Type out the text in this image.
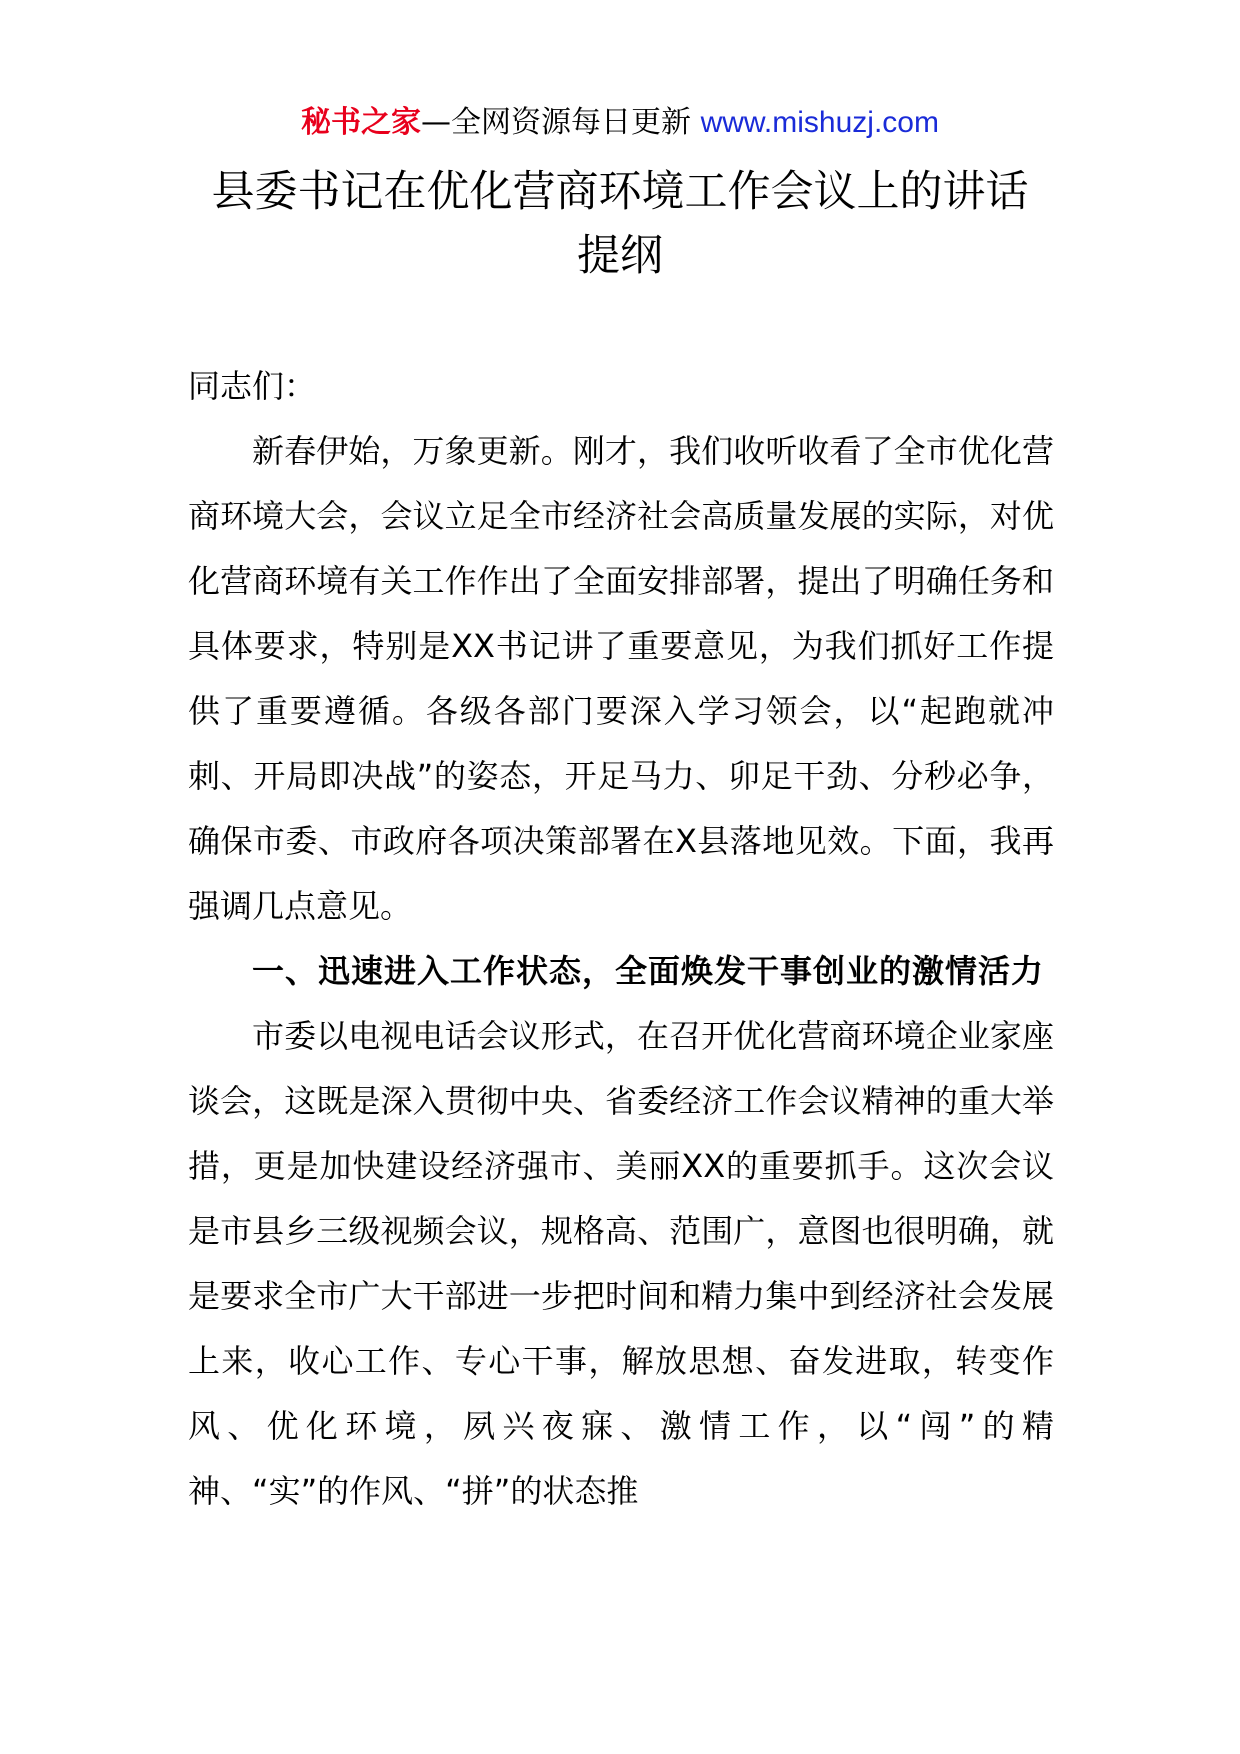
秘书之家—全网资源每日更新 www.mishuzj.com
县委书记在优化营商环境工作会议上的讲话
提纲

同志们：

新春伊始，万象更新。刚才，我们收听收看了全市优化营商环境大会，会议立足全市经济社会高质量发展的实际，对优化营商环境有关工作作出了全面安排部署，提出了明确任务和具体要求，特别是XX书记讲了重要意见，为我们抓好工作提供了重要遵循。各级各部门要深入学习领会，以“起跑就冲刺、开局即决战”的姿态，开足马力、卯足干劲、分秒必争，确保市委、市政府各项决策部署在X县落地见效。下面，我再强调几点意见。

一、迅速进入工作状态，全面焕发干事创业的激情活力

市委以电视电话会议形式，在召开优化营商环境企业家座谈会，这既是深入贯彻中央、省委经济工作会议精神的重大举措，更是加快建设经济强市、美丽XX的重要抓手。这次会议是市县乡三级视频会议，规格高、范围广，意图也很明确，就是要求全市广大干部进一步把时间和精力集中到经济社会发展上来，收心工作、专心干事，解放思想、奋发进取，转变作风、优化环境，夙兴夜寐、激情工作，以“闯”的精神、“实”的作风、“拼”的状态推
